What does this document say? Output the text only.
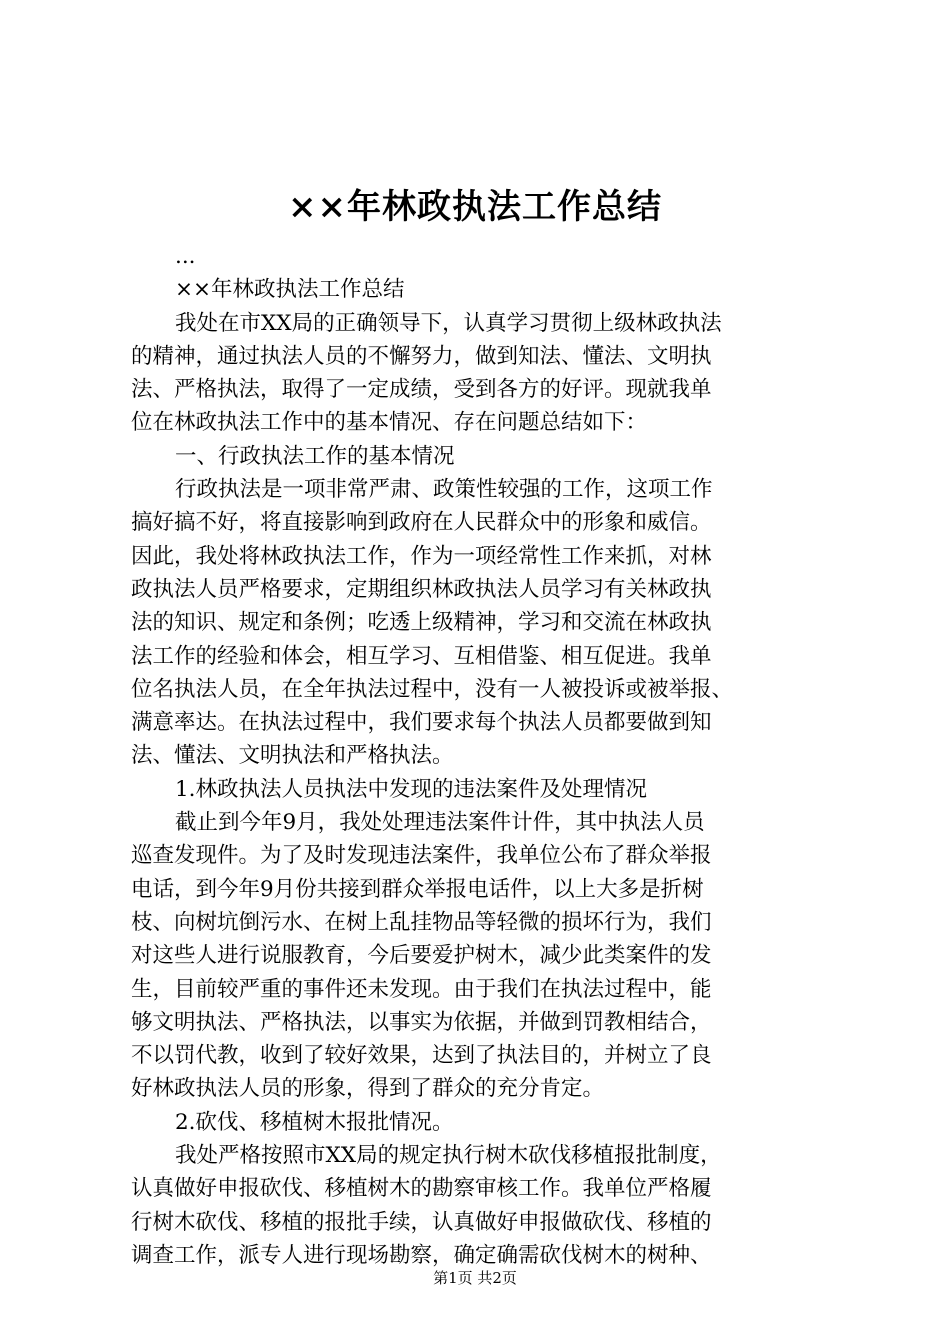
××年林政执法工作总结
...
××年林政执法工作总结
我处在市XX局的正确领导下，认真学习贯彻上级林政执法
的精神，通过执法人员的不懈努力，做到知法、懂法、文明执
法、严格执法，取得了一定成绩，受到各方的好评。现就我单
位在林政执法工作中的基本情况、存在问题总结如下：
一、行政执法工作的基本情况
行政执法是一项非常严肃、政策性较强的工作，这项工作
搞好搞不好，将直接影响到政府在人民群众中的形象和威信。
因此，我处将林政执法工作，作为一项经常性工作来抓，对林
政执法人员严格要求，定期组织林政执法人员学习有关林政执
法的知识、规定和条例；吃透上级精神，学习和交流在林政执
法工作的经验和体会，相互学习、互相借鉴、相互促进。我单
位名执法人员，在全年执法过程中，没有一人被投诉或被举报、
满意率达。在执法过程中，我们要求每个执法人员都要做到知
法、懂法、文明执法和严格执法。
1.林政执法人员执法中发现的违法案件及处理情况
截止到今年9月，我处处理违法案件计件，其中执法人员
巡查发现件。为了及时发现违法案件，我单位公布了群众举报
电话，到今年9月份共接到群众举报电话件，以上大多是折树
枝、向树坑倒污水、在树上乱挂物品等轻微的损坏行为，我们
对这些人进行说服教育，今后要爱护树木，减少此类案件的发
生，目前较严重的事件还未发现。由于我们在执法过程中，能
够文明执法、严格执法，以事实为依据，并做到罚教相结合，
不以罚代教，收到了较好效果，达到了执法目的，并树立了良
好林政执法人员的形象，得到了群众的充分肯定。
2.砍伐、移植树木报批情况。
我处严格按照市XX局的规定执行树木砍伐移植报批制度，
认真做好申报砍伐、移植树木的勘察审核工作。我单位严格履
行树木砍伐、移植的报批手续，认真做好申报做砍伐、移植的
调查工作，派专人进行现场勘察，确定确需砍伐树木的树种、
第1页 共2页
